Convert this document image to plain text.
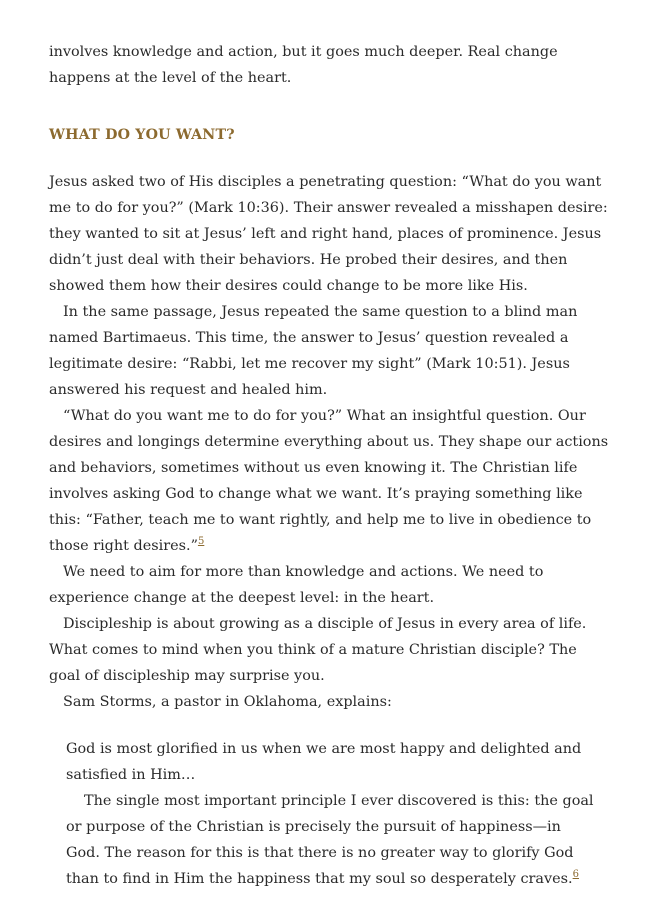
involves knowledge and action, but it goes much deeper. Real change happens at the level of the heart.

WHAT DO YOU WANT?

Jesus asked two of His disciples a penetrating question: “What do you want me to do for you?” (Mark 10:36). Their answer revealed a misshapen desire: they wanted to sit at Jesus’ left and right hand, places of prominence. Jesus didn’t just deal with their behaviors. He probed their desires, and then showed them how their desires could change to be more like His.

In the same passage, Jesus repeated the same question to a blind man named Bartimaeus. This time, the answer to Jesus’ question revealed a legitimate desire: “Rabbi, let me recover my sight” (Mark 10:51). Jesus answered his request and healed him.

“What do you want me to do for you?” What an insightful question. Our desires and longings determine everything about us. They shape our actions and behaviors, sometimes without us even knowing it. The Christian life involves asking God to change what we want. It’s praying something like this: “Father, teach me to want rightly, and help me to live in obedience to those right desires.”$^5$

We need to aim for more than knowledge and actions. We need to experience change at the deepest level: in the heart.

Discipleship is about growing as a disciple of Jesus in every area of life. What comes to mind when you think of a mature Christian disciple? The goal of discipleship may surprise you.

Sam Storms, a pastor in Oklahoma, explains:

God is most glorified in us when we are most happy and delighted and satisfied in Him…

The single most important principle I ever discovered is this: the goal or purpose of the Christian is precisely the pursuit of happiness—in God. The reason for this is that there is no greater way to glorify God than to find in Him the happiness that my soul so desperately craves.$^6$
